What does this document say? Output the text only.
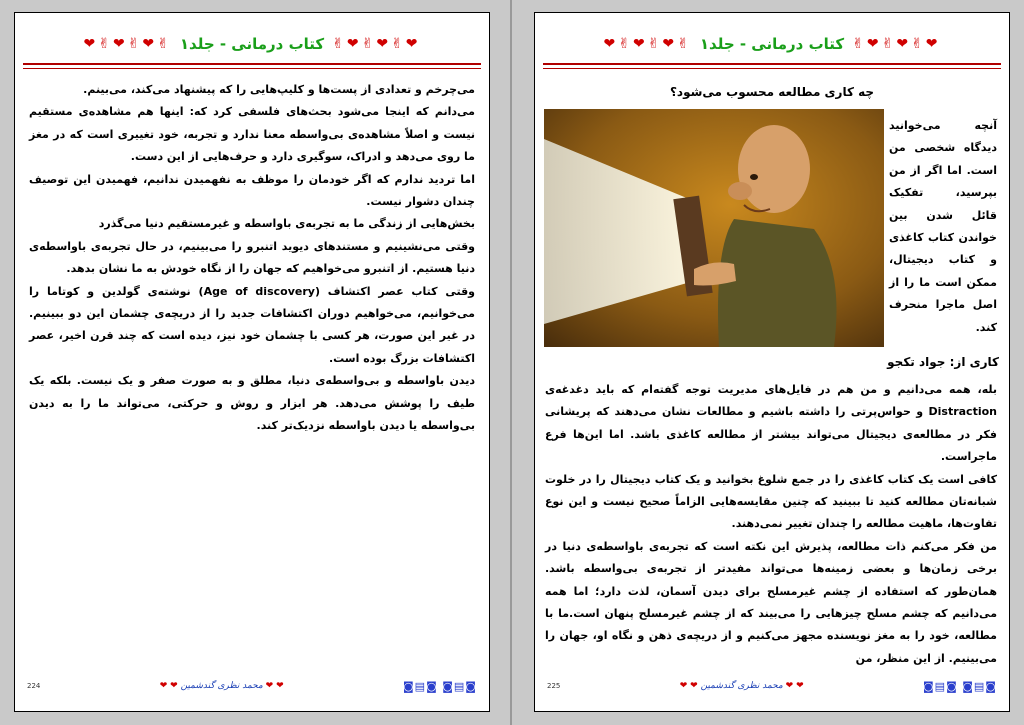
❤✌❤✌❤✌
کتاب درمانی - جلد۱
✌❤✌❤✌❤

می‌چرخم و تعدادی از پست‌ها و کلیپ‌هایی را که پیشنهاد می‌کند، می‌بینم.

می‌دانم که اینجا می‌شود بحث‌های فلسفی کرد که: اینها هم مشاهده‌ی مستقیم نیست و اصلاً مشاهده‌ی بی‌واسطه معنا ندارد و تجربه، خود تغییری است که در مغز ما روی می‌دهد و ادراک، سوگیری دارد و حرف‌هایی از این دست.

اما تردید ندارم که اگر خودمان را موظف به نفهمیدن ندانیم، فهمیدن این توصیف چندان دشوار نیست.

بخش‌هایی از زندگی ما به تجربه‌ی باواسطه و غیرمستقیم دنیا می‌گذرد

وقتی می‌نشینیم و مستندهای دیوید اتنبرو را می‌بینیم، در حال تجربه‌ی باواسطه‌ی دنیا هستیم. از اتنبرو می‌خواهیم که جهان را از نگاه خودش به ما نشان بدهد.

وقتی کتاب عصر اکتشاف (Age of discovery) نوشته‌ی گولدین و کوتاما را می‌خوانیم، می‌خواهیم دوران اکتشافات جدید را از دریچه‌ی چشمان این دو ببینیم. در غیر این صورت، هر کسی با چشمان خود نیز، دیده است که چند قرن اخیر، عصر اکتشافات بزرگ بوده است.

دیدن باواسطه و بی‌واسطه‌ی دنیا، مطلق و به صورت صفر و یک نیست. بلکه یک طیف را پوشش می‌دهد. هر ابزار و روش و حرکتی، می‌تواند ما را به دیدن بی‌واسطه یا دیدن باواسطه نزدیک‌تر کند.

224	❤ ❤ محمد نظری گندشمین ❤ ❤	◙▤◙ ◙▤◙
❤✌❤✌❤✌
کتاب درمانی - جلد۱
✌❤✌❤✌❤
چه کاری مطالعه محسوب می‌شود؟
آنچه می‌خوانید دیدگاه شخصی من است. اما اگر از من بپرسید، تفکیک قائل شدن بین خواندن کتاب کاغذی و کتاب دیجیتال، ممکن است ما را از اصل ماجرا منحرف کند.
کاری از: جواد تکجو

بله، همه می‌دانیم و من هم در فایل‌های مدیریت توجه گفته‌ام که باید دغدغه‌ی Distraction و حواس‌پرتی را داشته باشیم و مطالعات نشان می‌دهند که پریشانی فکر در مطالعه‌ی دیجیتال می‌تواند بیشتر از مطالعه کاغذی باشد. اما این‌ها فرع ماجراست.

کافی است یک کتاب کاغذی را در جمع شلوغ بخوانید و یک کتاب دیجیتال را در خلوت شبانه‌تان مطالعه کنید تا ببینید که چنین مقایسه‌هایی الزاماً صحیح نیست و این نوع تفاوت‌ها، ماهیت مطالعه را چندان تغییر نمی‌دهند.

من فکر می‌کنم ذات مطالعه، پذیرش این نکته است که تجربه‌ی باواسطه‌ی دنیا در برخی زمان‌ها و بعضی زمینه‌ها می‌تواند مفیدتر از تجربه‌ی بی‌واسطه باشد. همان‌طور که استفاده از چشم غیرمسلح برای دیدن آسمان، لذت دارد؛ اما همه می‌دانیم که چشم مسلح چیزهایی را می‌بیند که از چشم غیرمسلح پنهان است.ما با مطالعه، خود را به مغز نویسنده مجهز می‌کنیم و از دریچه‌ی ذهن و نگاه او، جهان را می‌بینیم. از این منظر، من

225	❤ ❤ محمد نظری گندشمین ❤ ❤	◙▤◙ ◙▤◙
